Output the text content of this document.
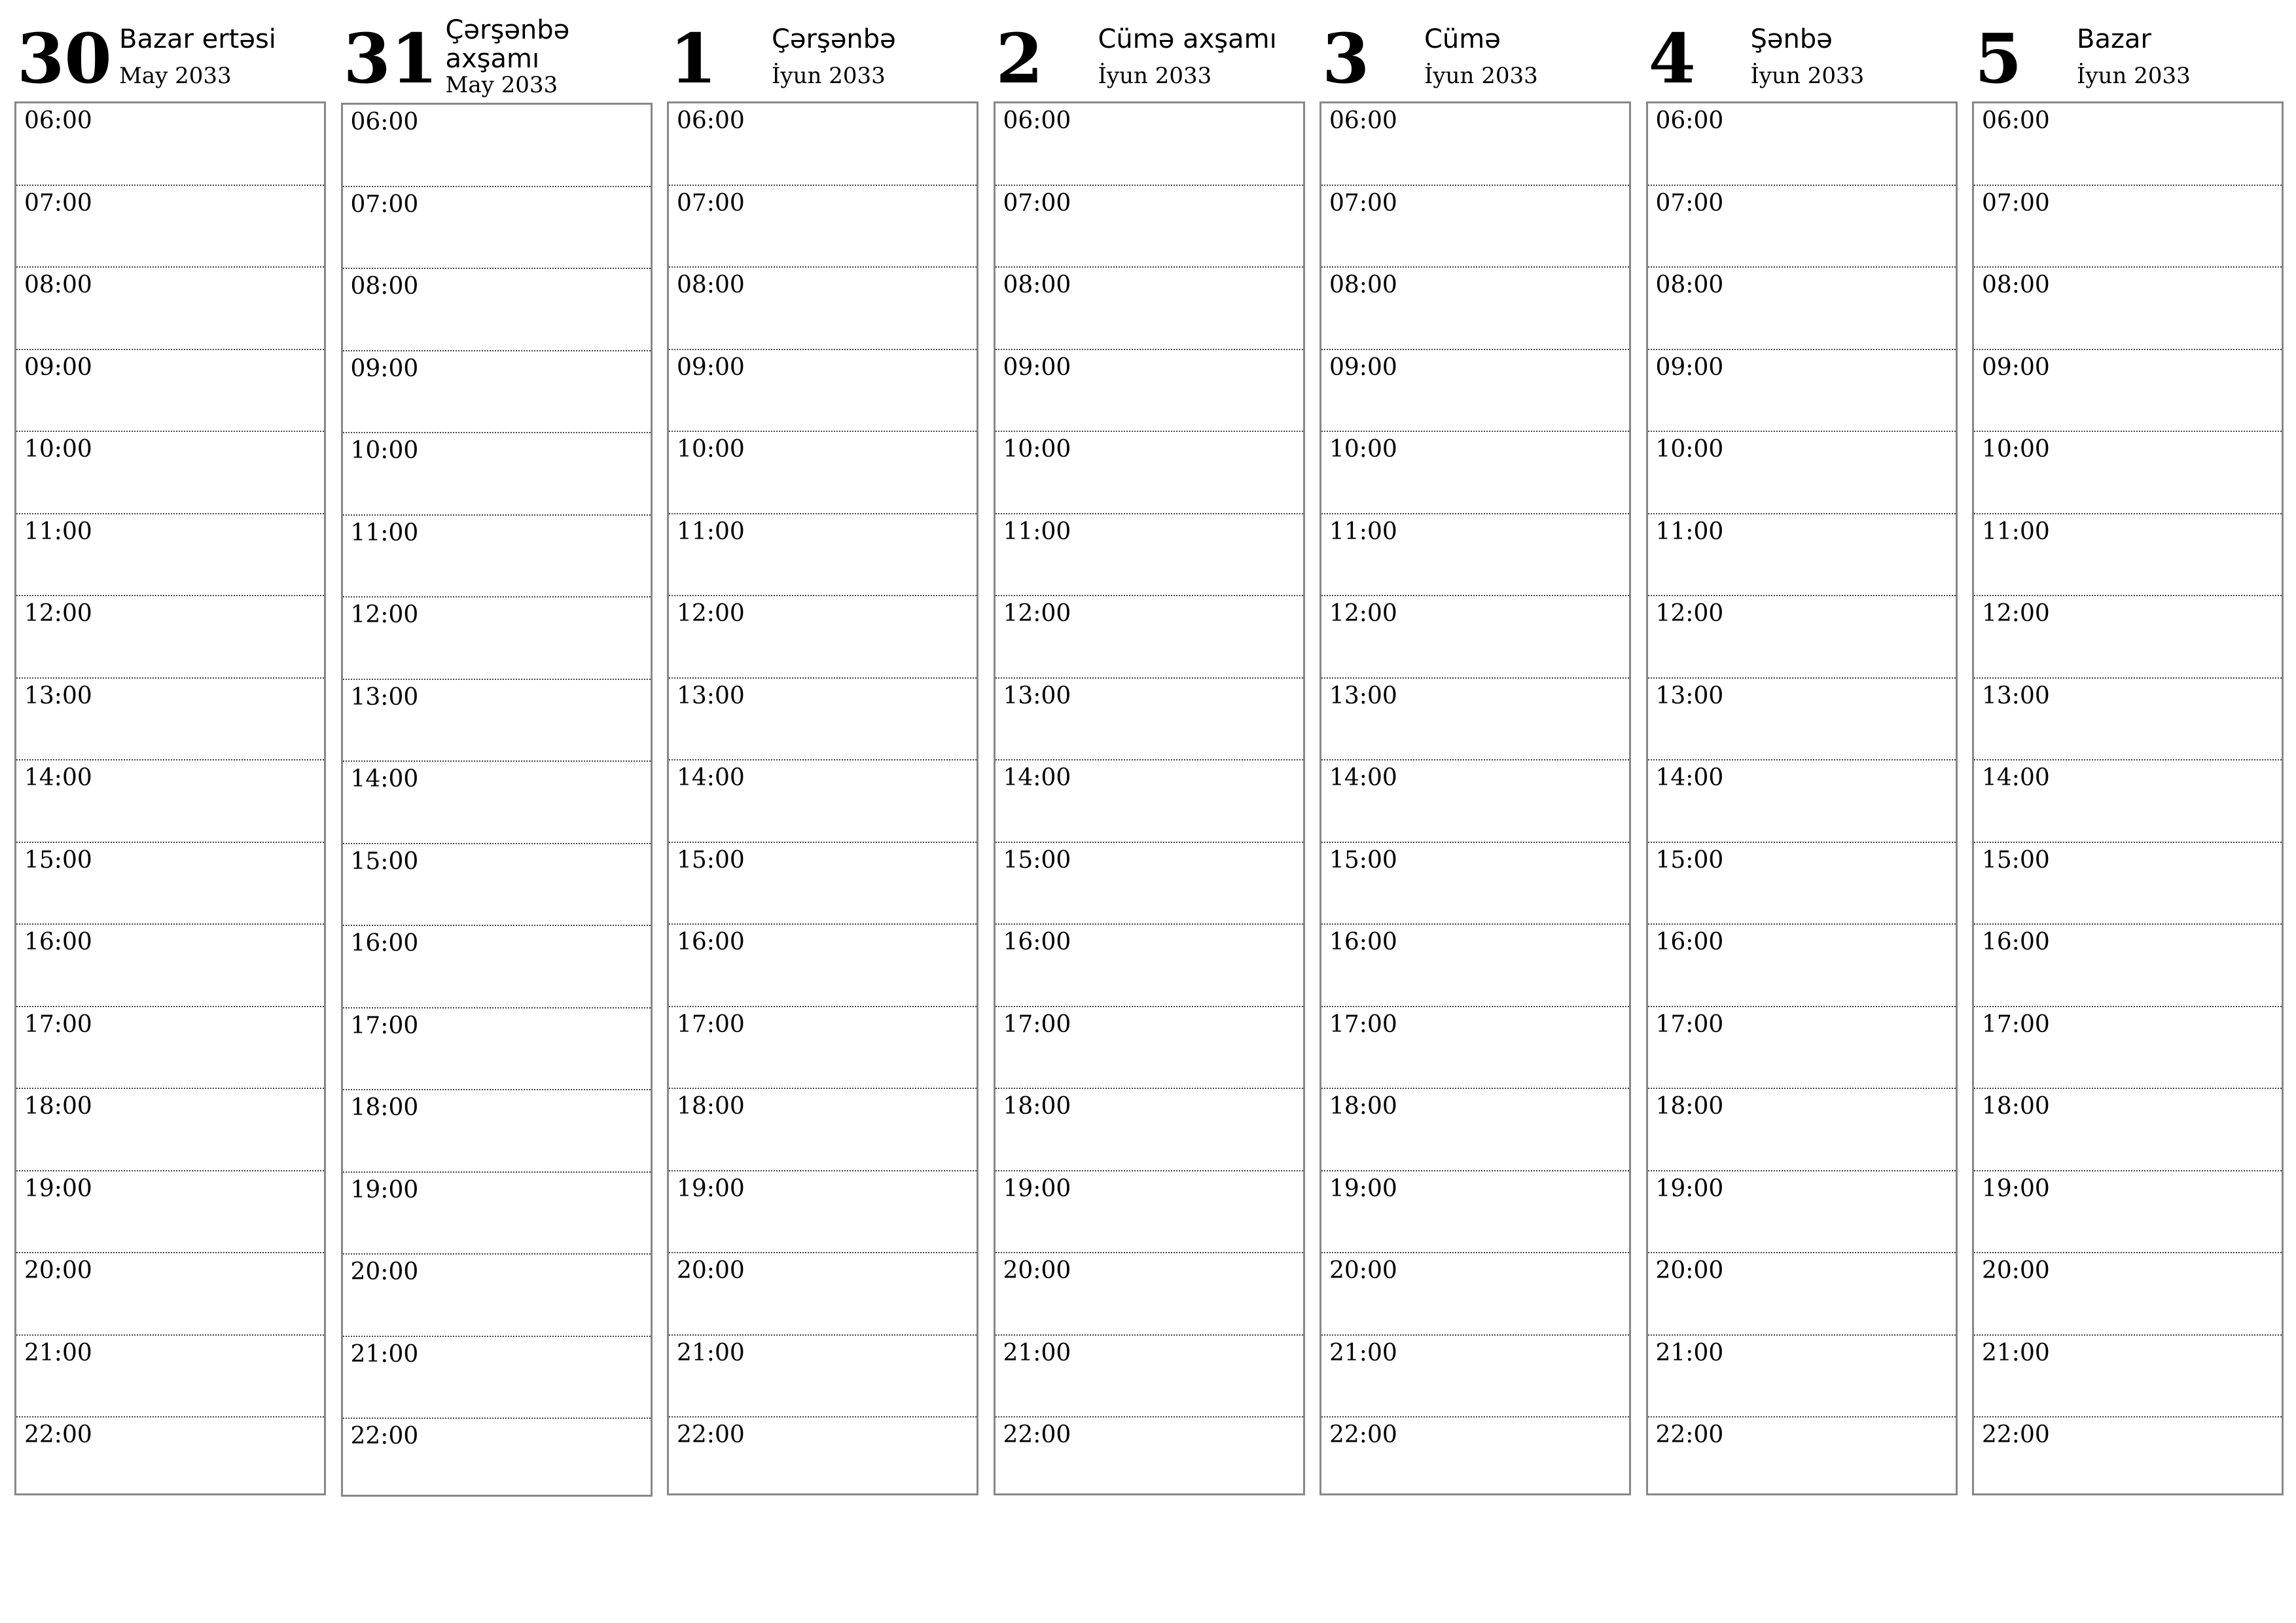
30 Bazar ertəsi
May 2033
06:00
07:00
08:00
09:00
10:00
11:00
12:00
13:00
14:00
15:00
16:00
17:00
18:00
19:00
20:00
21:00
22:00
31 Çərşənbə axşamı
May 2033
06:00
07:00
08:00
09:00
10:00
11:00
12:00
13:00
14:00
15:00
16:00
17:00
18:00
19:00
20:00
21:00
22:00
1 Çərşənbə
İyun 2033
06:00
07:00
08:00
09:00
10:00
11:00
12:00
13:00
14:00
15:00
16:00
17:00
18:00
19:00
20:00
21:00
22:00
2 Cümə axşamı
İyun 2033
06:00
07:00
08:00
09:00
10:00
11:00
12:00
13:00
14:00
15:00
16:00
17:00
18:00
19:00
20:00
21:00
22:00
3 Cümə
İyun 2033
06:00
07:00
08:00
09:00
10:00
11:00
12:00
13:00
14:00
15:00
16:00
17:00
18:00
19:00
20:00
21:00
22:00
4 Şənbə
İyun 2033
06:00
07:00
08:00
09:00
10:00
11:00
12:00
13:00
14:00
15:00
16:00
17:00
18:00
19:00
20:00
21:00
22:00
5 Bazar
İyun 2033
06:00
07:00
08:00
09:00
10:00
11:00
12:00
13:00
14:00
15:00
16:00
17:00
18:00
19:00
20:00
21:00
22:00
